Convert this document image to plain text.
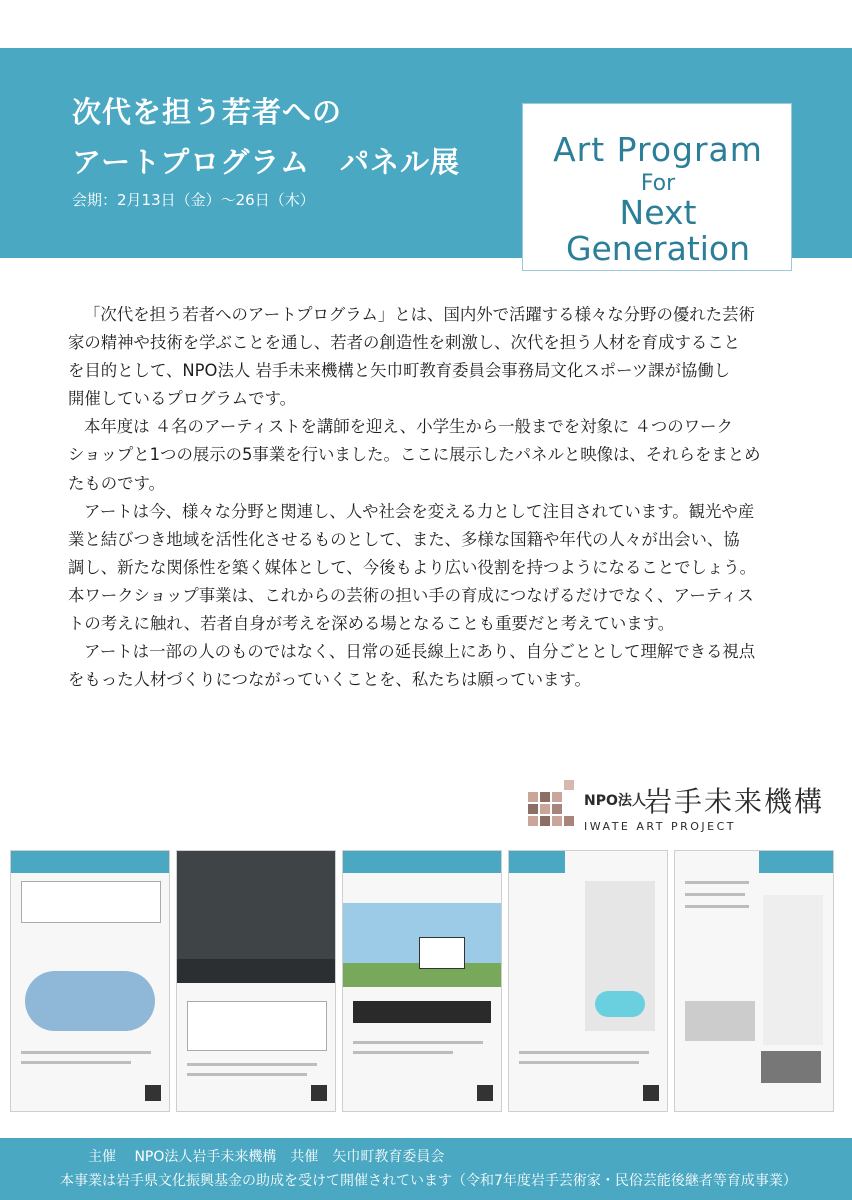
次代を担う若者への
アートプログラム　パネル展
会期：2月13日（金）～26日（木）
Art Program
For
Next
Generation
「次代を担う若者へのアートプログラム」とは、国内外で活躍する様々な分野の優れた芸術
家の精神や技術を学ぶことを通し、若者の創造性を刺激し、次代を担う人材を育成すること
を目的として、NPO法人 岩手未来機構と矢巾町教育委員会事務局文化スポーツ課が協働し
開催しているプログラムです。
本年度は ４名のアーティストを講師を迎え、小学生から一般までを対象に ４つのワーク
ショップと1つの展示の5事業を行いました。ここに展示したパネルと映像は、それらをまとめ
たものです。
アートは今、様々な分野と関連し、人や社会を変える力として注目されています。観光や産
業と結びつき地域を活性化させるものとして、また、多様な国籍や年代の人々が出会い、協
調し、新たな関係性を築く媒体として、今後もより広い役割を持つようになることでしょう。
本ワークショップ事業は、これからの芸術の担い手の育成につなげるだけでなく、アーティス
トの考えに触れ、若者自身が考えを深める場となることも重要だと考えています。
アートは一部の人のものではなく、日常の延長線上にあり、自分ごととして理解できる視点
をもった人材づくりにつながっていくことを、私たちは願っています。
NPO法人
岩手未来機構
IWATE ART PROJECT
主催　 NPO法人岩手未来機構　共催　矢巾町教育委員会
本事業は岩手県文化振興基金の助成を受けて開催されています（令和7年度岩手芸術家・民俗芸能後継者等育成事業）
